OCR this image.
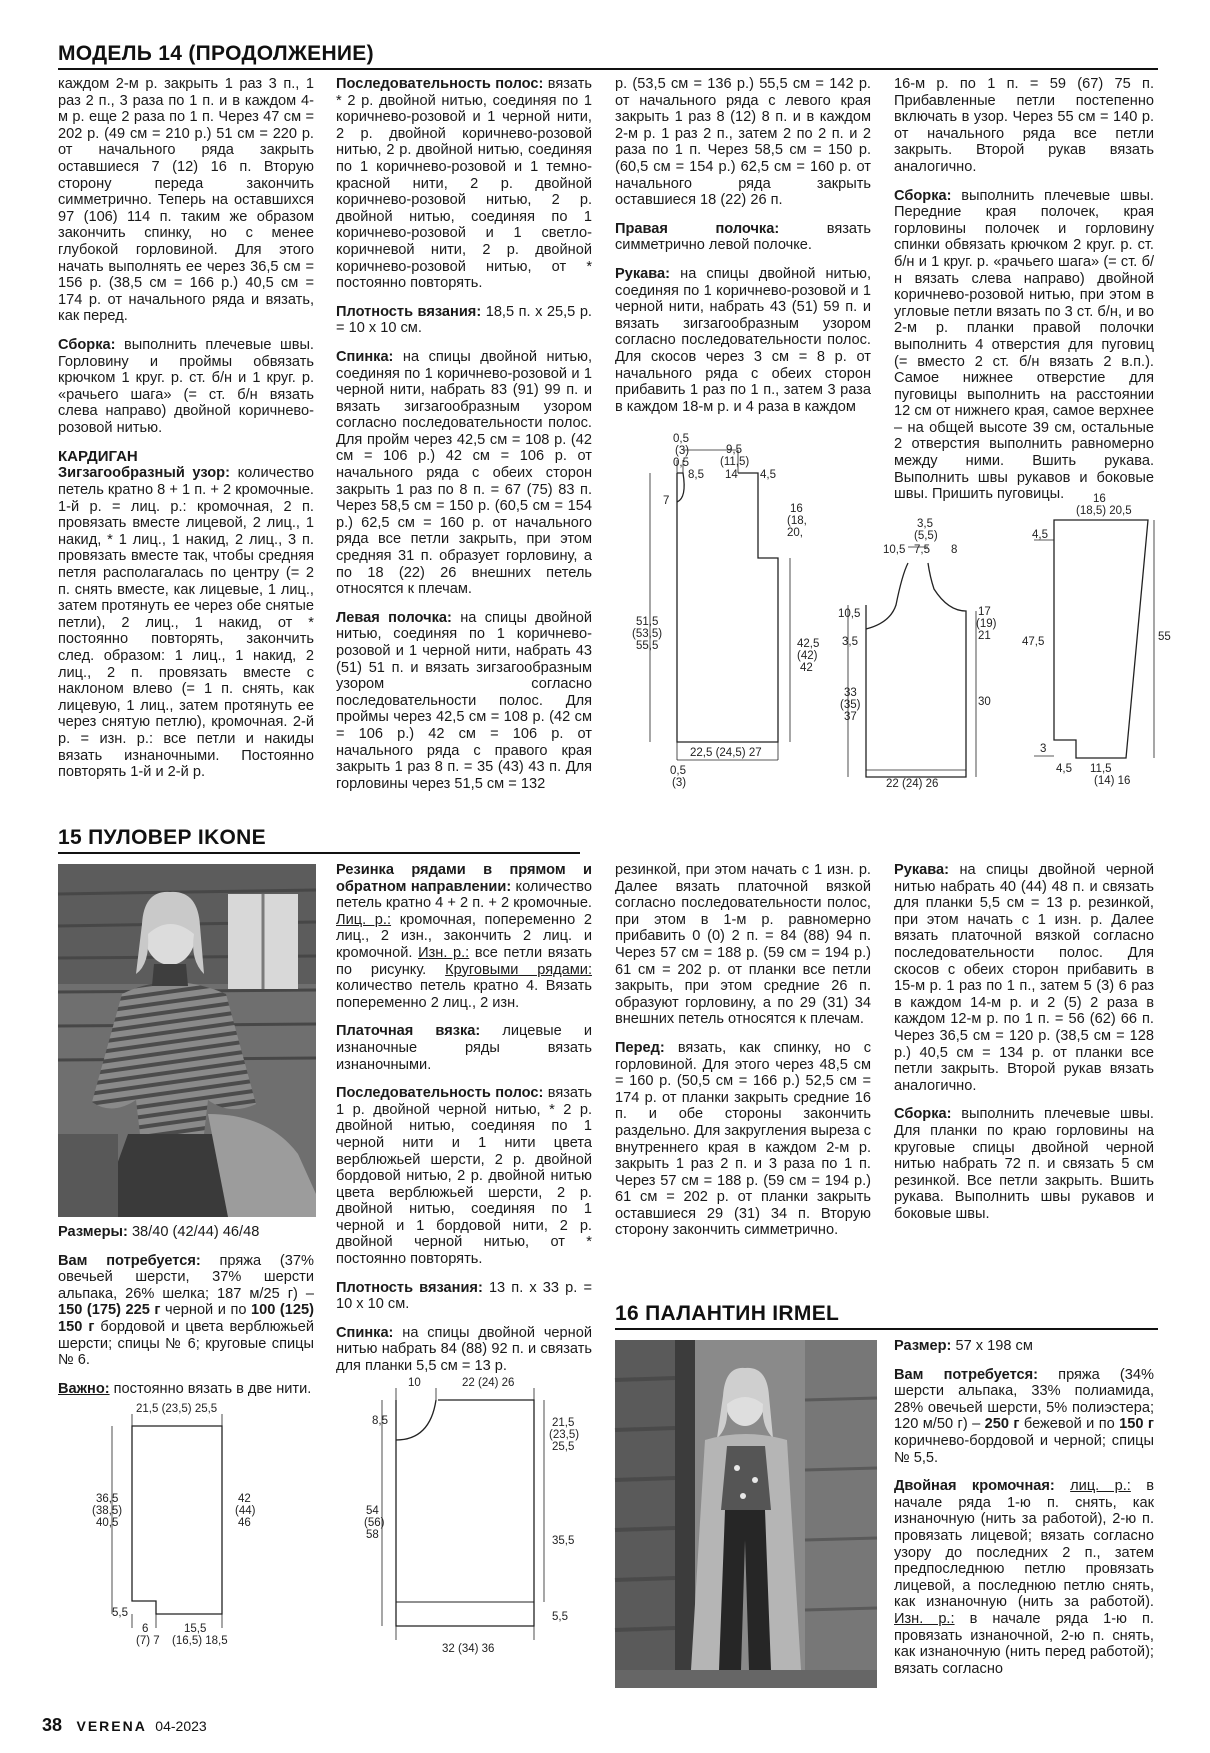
МОДЕЛЬ 14 (ПРОДОЛЖЕНИЕ)

каждом 2-м р. закрыть 1 раз 3 п., 1 раз 2 п., 3 раза по 1 п. и в каждом 4-м р. еще 2 раза по 1 п. Через 47 см = 202 р. (49 см = 210 р.) 51 см = 220 р. от начального ряда закрыть оставшиеся 7 (12) 16 п. Вторую сторону переда закончить симметрично. Теперь на оставшихся 97 (106) 114 п. таким же образом закончить спинку, но с менее глубокой горловиной. Для этого начать выполнять ее через 36,5 см = 156 р. (38,5 см = 166 р.) 40,5 см = 174 р. от начального ряда и вязать, как перед.

Сборка: выполнить плечевые швы. Горловину и проймы обвязать крючком 1 круг. р. ст. б/н и 1 круг. р. «рачьего шага» (= ст. б/н вязать слева направо) двойной коричнево-розовой нитью.

КАРДИГАН

Зигзагообразный узор: количество петель кратно 8 + 1 п. + 2 кромочные. 1-й р. = лиц. р.: кромочная, 2 п. провязать вместе лицевой, 2 лиц., 1 накид, * 1 лиц., 1 накид, 2 лиц., 3 п. провязать вместе так, чтобы средняя петля располагалась по центру (= 2 п. снять вместе, как лицевые, 1 лиц., затем протянуть ее через обе снятые петли), 2 лиц., 1 накид, от * постоянно повторять, закончить след. образом: 1 лиц., 1 накид, 2 лиц., 2 п. провязать вместе с наклоном влево (= 1 п. снять, как лицевую, 1 лиц., затем протянуть ее через снятую петлю), кромочная. 2-й р. = изн. р.: все петли и накиды вязать изнаночными. Постоянно повторять 1-й и 2-й р.

Последовательность полос: вязать * 2 р. двойной нитью, соединяя по 1 коричнево-розовой и 1 черной нити, 2 р. двойной коричнево-розовой нитью, 2 р. двойной нитью, соединяя по 1 коричнево-розовой и 1 темно-красной нити, 2 р. двойной коричнево-розовой нитью, 2 р. двойной нитью, соединяя по 1 коричнево-розовой и 1 светло-коричневой нити, 2 р. двойной коричнево-розовой нитью, от * постоянно повторять.

Плотность вязания: 18,5 п. х 25,5 р. = 10 х 10 см.

Спинка: на спицы двойной нитью, соединяя по 1 коричнево-розовой и 1 черной нити, набрать 83 (91) 99 п. и вязать зигзагообразным узором согласно последовательности полос. Для пройм через 42,5 см = 108 р. (42 см = 106 р.) 42 см = 106 р. от начального ряда с обеих сторон закрыть 1 раз по 8 п. = 67 (75) 83 п. Через 58,5 см = 150 р. (60,5 см = 154 р.) 62,5 см = 160 р. от начального ряда все петли закрыть, при этом средняя 31 п. образует горловину, а по 18 (22) 26 внешних петель относятся к плечам.

Левая полочка: на спицы двойной нитью, соединяя по 1 коричнево-розовой и 1 черной нити, набрать 43 (51) 51 п. и вязать зигзагообразным узором согласно последовательности полос. Для проймы через 42,5 см = 108 р. (42 см = 106 р.) 42 см = 106 р. от начального ряда с правого края закрыть 1 раз 8 п. = 35 (43) 43 п. Для горловины через 51,5 см = 132

р. (53,5 см = 136 р.) 55,5 см = 142 р. от начального ряда с левого края закрыть 1 раз 8 (12) 8 п. и в каждом 2-м р. 1 раз 2 п., затем 2 по 2 п. и 2 раза по 1 п. Через 58,5 см = 150 р. (60,5 см = 154 р.) 62,5 см = 160 р. от начального ряда закрыть оставшиеся 18 (22) 26 п.

Правая полочка: вязать симметрично левой полочке.

Рукава: на спицы двойной нитью, соединяя по 1 коричнево-розовой и 1 черной нити, набрать 43 (51) 59 п. и вязать зигзагообразным узором согласно последовательности полос. Для скосов через 3 см = 8 р. от начального ряда с обеих сторон прибавить 1 раз по 1 п., затем 3 раза в каждом 18-м р. и 4 раза в каждом

16-м р. по 1 п. = 59 (67) 75 п. Прибавленные петли постепенно включать в узор. Через 55 см = 140 р. от начального ряда все петли закрыть. Второй рукав вязать аналогично.

Сборка: выполнить плечевые швы. Передние края полочек, края горловины полочек и горловину спинки обвязать крючком 2 круг. р. ст. б/н и 1 круг. р. «рачьего шага» (= ст. б/н вязать слева направо) двойной коричнево-розовой нитью, при этом в угловые петли вязать по 3 ст. б/н, и во 2-м р. планки правой полочки выполнить 4 отверстия для пуговиц (= вместо 2 ст. б/н вязать 2 в.п.). Самое нижнее отверстие для пуговицы выполнить на расстоянии 12 см от нижнего края, самое верхнее – на общей высоте 39 см, остальные 2 отверстия выполнить равномерно между ними. Вшить рукава. Выполнить швы рукавов и боковые швы. Пришить пуговицы.

0,5
(3)
0,5
9,5
(11,5)
8,5 14 4,5
7
16
(18,
20,
51,5
(53,5)
55,5	42,5
(42)
42
22,5 (24,5) 27
0,5
(3)
3,5
(5,5)
10,5 7,5 8
10,5
3,5
17
(19)
21
33
(35)
37
30
22 (24) 26
16
(18,5) 20,5
4,5
47,5	55
3
4,5 11,5
(14) 16
15 ПУЛОВЕР IKONE

Размеры: 38/40 (42/44) 46/48

Вам потребуется: пряжа (37% овечьей шерсти, 37% шерсти альпака, 26% шелка; 187 м/25 г) – 150 (175) 225 г черной и по 100 (125) 150 г бордовой и цвета верблюжьей шерсти; спицы № 6; круговые спицы № 6.

Важно: постоянно вязать в две нити.

21,5 (23,5) 25,5
36,5
(38,5)
40,5
42
(44)
46
5,5
6
(7) 7
15,5
(16,5) 18,5

Резинка рядами в прямом и обратном направлении: количество петель кратно 4 + 2 п. + 2 кромочные. Лиц. р.: кромочная, попеременно 2 лиц., 2 изн., закончить 2 лиц. и кромочной. Изн. р.: все петли вязать по рисунку. Круговыми рядами: количество петель кратно 4. Вязать попеременно 2 лиц., 2 изн.

Платочная вязка: лицевые и изнаночные ряды вязать изнаночными.

Последовательность полос: вязать 1 р. двойной черной нитью, * 2 р. двойной нитью, соединяя по 1 черной нити и 1 нити цвета верблюжьей шерсти, 2 р. двойной бордовой нитью, 2 р. двойной нитью цвета верблюжьей шерсти, 2 р. двойной нитью, соединяя по 1 черной и 1 бордовой нити, 2 р. двойной черной нитью, от * постоянно повторять.

Плотность вязания: 13 п. х 33 р. = 10 х 10 см.

Спинка: на спицы двойной черной нитью набрать 84 (88) 92 п. и связать для планки 5,5 см = 13 р.

10	22 (24) 26
8,5	21,5
(23,5)
25,5
54
(56)
58	35,5
5,5
32 (34) 36

резинкой, при этом начать с 1 изн. р. Далее вязать платочной вязкой согласно последовательности полос, при этом в 1-м р. равномерно прибавить 0 (0) 2 п. = 84 (88) 94 п. Через 57 см = 188 р. (59 см = 194 р.) 61 см = 202 р. от планки все петли закрыть, при этом средние 26 п. образуют горловину, а по 29 (31) 34 внешних петель относятся к плечам.

Перед: вязать, как спинку, но с горловиной. Для этого через 48,5 см = 160 р. (50,5 см = 166 р.) 52,5 см = 174 р. от планки закрыть средние 16 п. и обе стороны закончить раздельно. Для закругления выреза с внутреннего края в каждом 2-м р. закрыть 1 раз 2 п. и 3 раза по 1 п. Через 57 см = 188 р. (59 см = 194 р.) 61 см = 202 р. от планки закрыть оставшиеся 29 (31) 34 п. Вторую сторону закончить симметрично.

Рукава: на спицы двойной черной нитью набрать 40 (44) 48 п. и связать для планки 5,5 см = 13 р. резинкой, при этом начать с 1 изн. р. Далее вязать платочной вязкой согласно последовательности полос. Для скосов с обеих сторон прибавить в 15-м р. 1 раз по 1 п., затем 5 (3) 6 раз в каждом 14-м р. и 2 (5) 2 раза в каждом 12-м р. по 1 п. = 56 (62) 66 п. Через 36,5 см = 120 р. (38,5 см = 128 р.) 40,5 см = 134 р. от планки все петли закрыть. Второй рукав вязать аналогично.

Сборка: выполнить плечевые швы. Для планки по краю горловины на круговые спицы двойной черной нитью набрать 72 п. и связать 5 см резинкой. Все петли закрыть. Вшить рукава. Выполнить швы рукавов и боковые швы.

16 ПАЛАНТИН IRMEL

Размер: 57 х 198 см

Вам потребуется: пряжа (34% шерсти альпака, 33% полиамида, 28% овечьей шерсти, 5% полиэстера; 120 м/50 г) – 250 г бежевой и по 150 г коричнево-бордовой и черной; спицы № 5,5.

Двойная кромочная: лиц. р.: в начале ряда 1-ю п. снять, как изнаночную (нить за работой), 2-ю п. провязать лицевой; вязать согласно узору до последних 2 п., затем предпоследнюю петлю провязать лицевой, а последнюю петлю снять, как изнаночную (нить за работой). Изн. р.: в начале ряда 1-ю п. провязать изнаночной, 2-ю п. снять, как изнаночную (нить перед работой); вязать согласно

38 VERENA 04-2023
